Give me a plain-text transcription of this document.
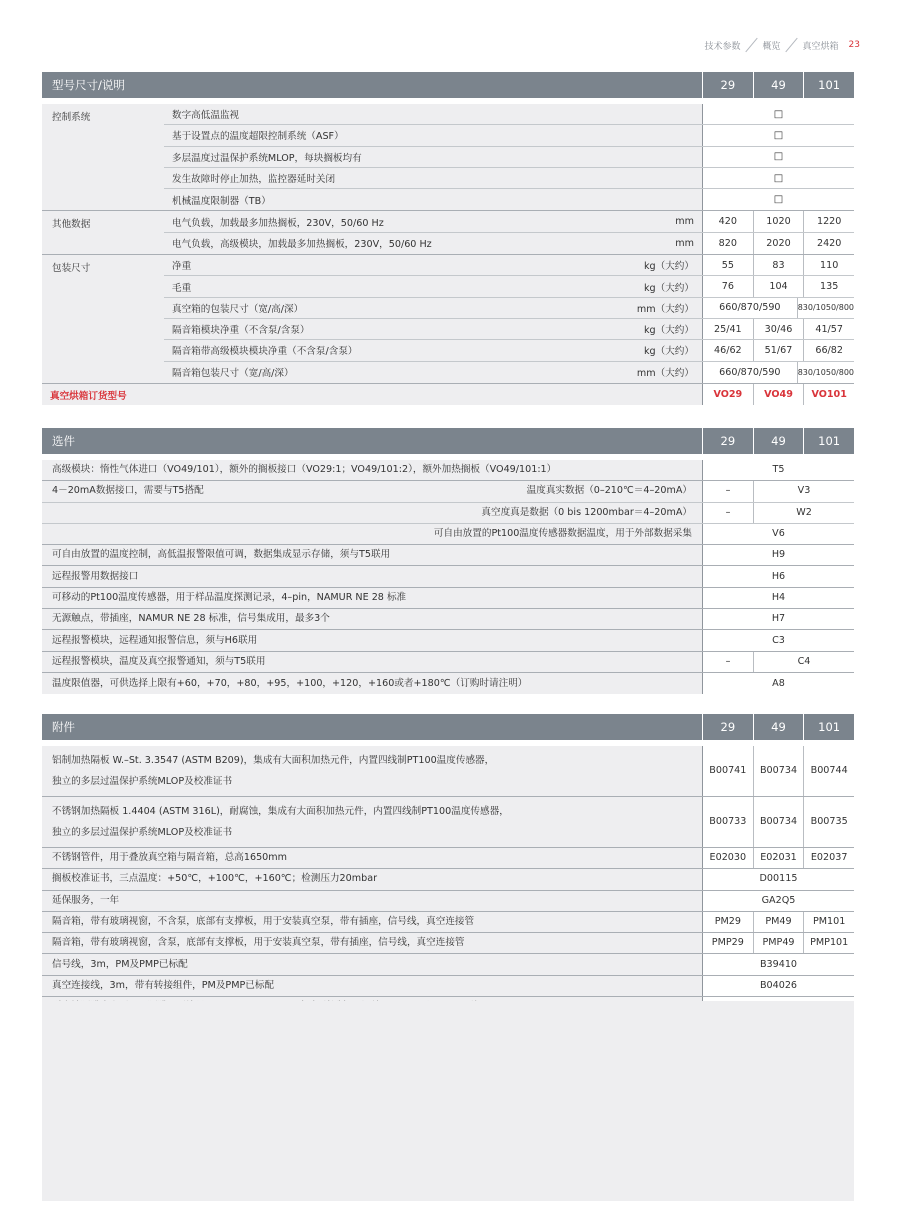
技术参数 概览 真空烘箱 23
型号尺寸/说明	29	49	101
控制系统	数字高低温监视	□
基于设置点的温度超限控制系统（ASF）	□
多层温度过温保护系统MLOP，每块搁板均有	□
发生故障时停止加热，监控器延时关闭	□
机械温度限制器（TB）	□
其他数据	电气负载，加载最多加热搁板，230V，50/60 Hz	mm	420	1020	1220
电气负载，高级模块，加载最多加热搁板，230V，50/60 Hz	mm	820	2020	2420
包装尺寸	净重	kg（大约）	55	83	110
毛重	kg（大约）	76	104	135
真空箱的包装尺寸（宽/高/深）	mm（大约）	660/870/590	830/1050/800
隔音箱模块净重（不含泵/含泵）	kg（大约）	25/41	30/46	41/57
隔音箱带高级模块模块净重（不含泵/含泵）	kg（大约）	46/62	51/67	66/82
隔音箱包装尺寸（宽/高/深）	mm（大约）	660/870/590	830/1050/800
真空烘箱订货型号	VO29	VO49	VO101
选件	29	49	101
高级模块：惰性气体进口（VO49/101），额外的搁板接口（VO29:1；VO49/101:2），额外加热搁板（VO49/101:1）	T5
4－20mA数据接口，需要与T5搭配	温度真实数据（0–210℃＝4–20mA）	–	V3
真空度真是数据（0 bis 1200mbar＝4–20mA）	–	W2
可自由放置的Pt100温度传感器数据温度，用于外部数据采集	V6
可自由放置的温度控制，高低温报警限值可调，数据集成显示存储，须与T5联用	H9
远程报警用数据接口	H6
可移动的Pt100温度传感器，用于样品温度探测记录，4–pin，NAMUR NE 28 标准	H4
无源触点，带插座，NAMUR NE 28 标准，信号集成用，最多3个	H7
远程报警模块，远程通知报警信息，须与H6联用	C3
远程报警模块，温度及真空报警通知，须与T5联用	–	C4
温度限值器，可供选择上限有+60，+70，+80，+95，+100，+120，+160或者+180℃（订购时请注明）	A8
附件	29	49	101
铝制加热隔板 W.–St. 3.3547 (ASTM B209)，集成有大面积加热元件，内置四线制PT100温度传感器，
独立的多层过温保护系统MLOP及校准证书
B00741	B00734	B00744
不锈钢加热隔板 1.4404 (ASTM 316L)，耐腐蚀，集成有大面积加热元件，内置四线制PT100温度传感器，
独立的多层过温保护系统MLOP及校准证书
B00733	B00734	B00735
不锈钢管件，用于叠放真空箱与隔音箱，总高1650mm	E02030	E02031	E02037
搁板校准证书，三点温度：+50℃，+100℃，+160℃；检测压力20mbar	D00115
延保服务，一年	GA2Q5
隔音箱，带有玻璃视窗，不含泵，底部有支撑板，用于安装真空泵，带有插座，信号线，真空连接管	PM29	PM49	PM101
隔音箱，带有玻璃视窗，含泵，底部有支撑板，用于安装真空泵，带有插座，信号线，真空连接管	PMP29	PMP49	PMP101
信号线，3m，PM及PMP已标配	B39410
真空连接线，3m，带有转接组件，PM及PMP已标配	B04026
